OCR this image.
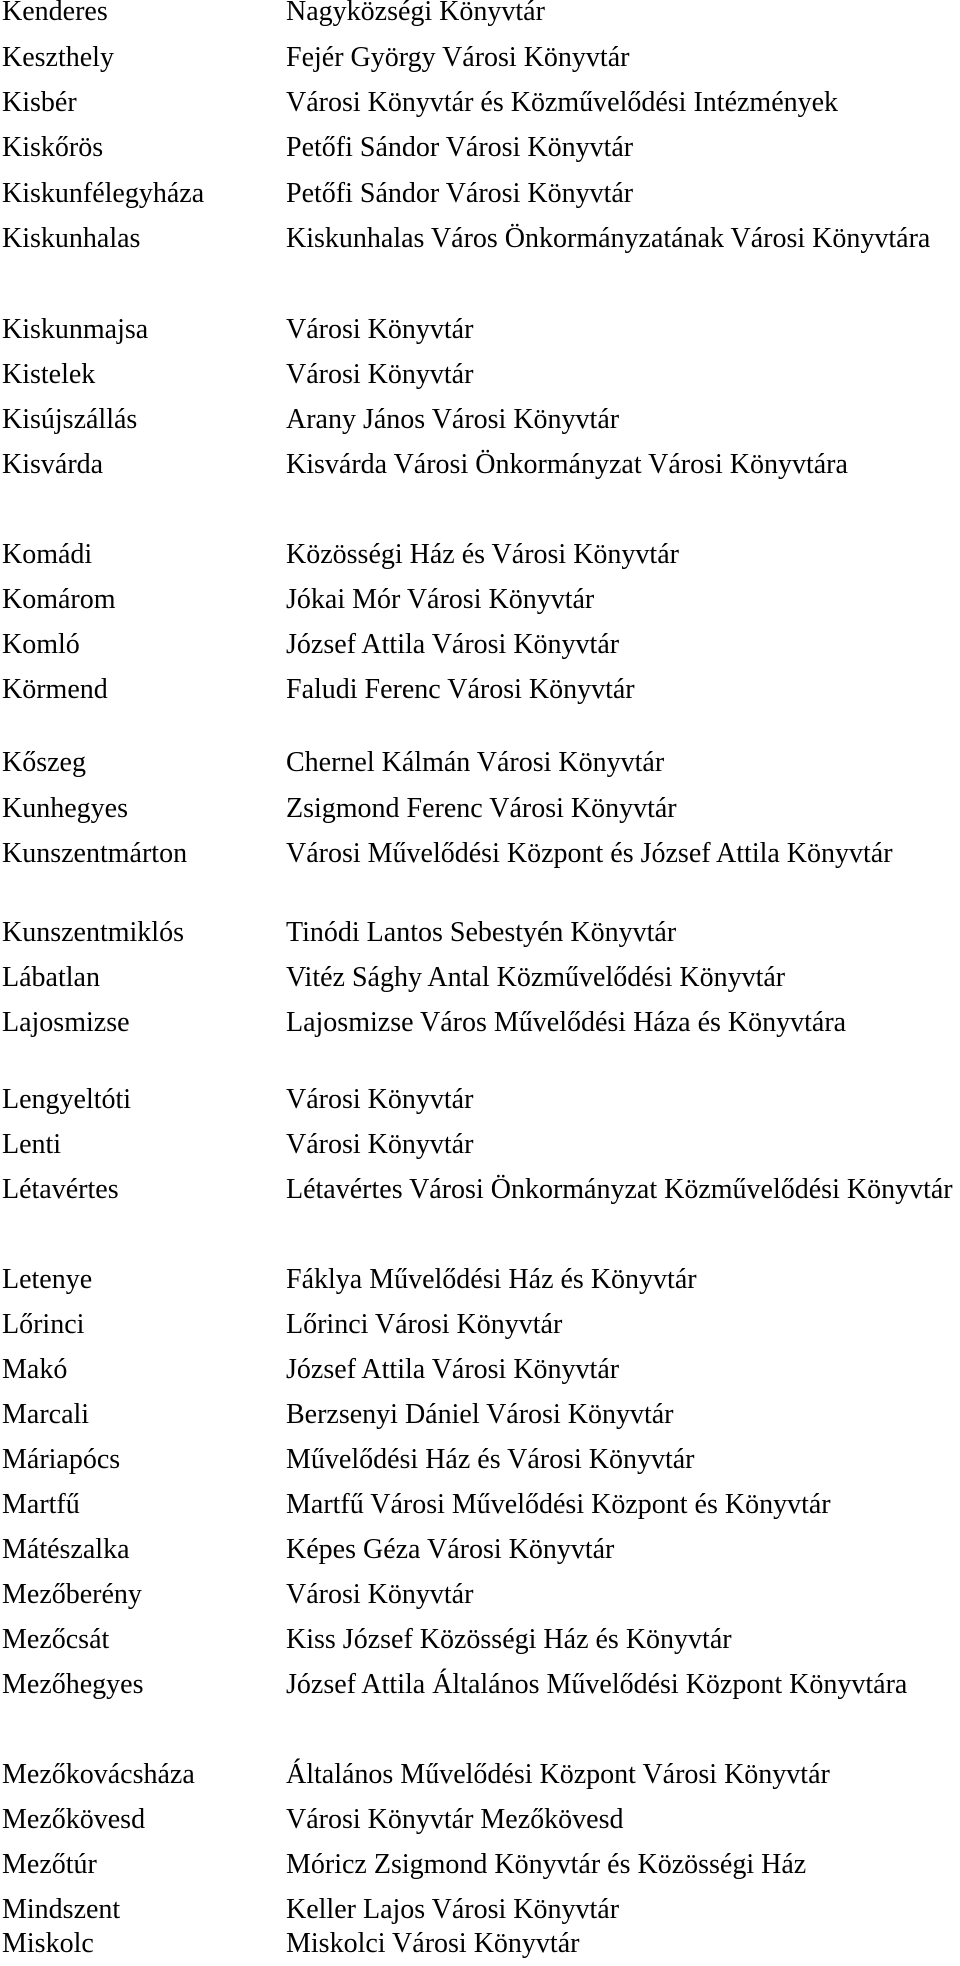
Kenderes	Nagyközségi Könyvtár
Keszthely	Fejér György Városi Könyvtár
Kisbér	Városi Könyvtár és Közművelődési Intézmények
Kiskőrös	Petőfi Sándor Városi Könyvtár
Kiskunfélegyháza	Petőfi Sándor Városi Könyvtár
Kiskunhalas	Kiskunhalas Város Önkormányzatának Városi Könyvtára
Kiskunmajsa	Városi Könyvtár
Kistelek	Városi Könyvtár
Kisújszállás	Arany János Városi Könyvtár
Kisvárda	Kisvárda Városi Önkormányzat Városi Könyvtára
Komádi	Közösségi Ház és Városi Könyvtár
Komárom	Jókai Mór Városi Könyvtár
Komló	József Attila Városi Könyvtár
Körmend	Faludi Ferenc Városi Könyvtár
Kőszeg	Chernel Kálmán Városi Könyvtár
Kunhegyes	Zsigmond Ferenc Városi Könyvtár
Kunszentmárton	Városi Művelődési Központ és József Attila Könyvtár
Kunszentmiklós	Tinódi Lantos Sebestyén Könyvtár
Lábatlan	Vitéz Sághy Antal Közművelődési Könyvtár
Lajosmizse	Lajosmizse Város Művelődési Háza és Könyvtára
Lengyeltóti	Városi Könyvtár
Lenti	Városi Könyvtár
Létavértes	Létavértes Városi Önkormányzat Közművelődési Könyvtár
Letenye	Fáklya Művelődési Ház és Könyvtár
Lőrinci	Lőrinci Városi Könyvtár
Makó	József Attila Városi Könyvtár
Marcali	Berzsenyi Dániel Városi Könyvtár
Máriapócs	Művelődési Ház és Városi Könyvtár
Martfű	Martfű Városi Művelődési Központ és Könyvtár
Mátészalka	Képes Géza Városi Könyvtár
Mezőberény	Városi Könyvtár
Mezőcsát	Kiss József Közösségi Ház és Könyvtár
Mezőhegyes	József Attila Általános Művelődési Központ Könyvtára
Mezőkovácsháza	Általános Művelődési Központ Városi Könyvtár
Mezőkövesd	Városi Könyvtár Mezőkövesd
Mezőtúr	Móricz Zsigmond Könyvtár és Közösségi Ház
Mindszent	Keller Lajos Városi Könyvtár
Miskolc	Miskolci Városi Könyvtár
